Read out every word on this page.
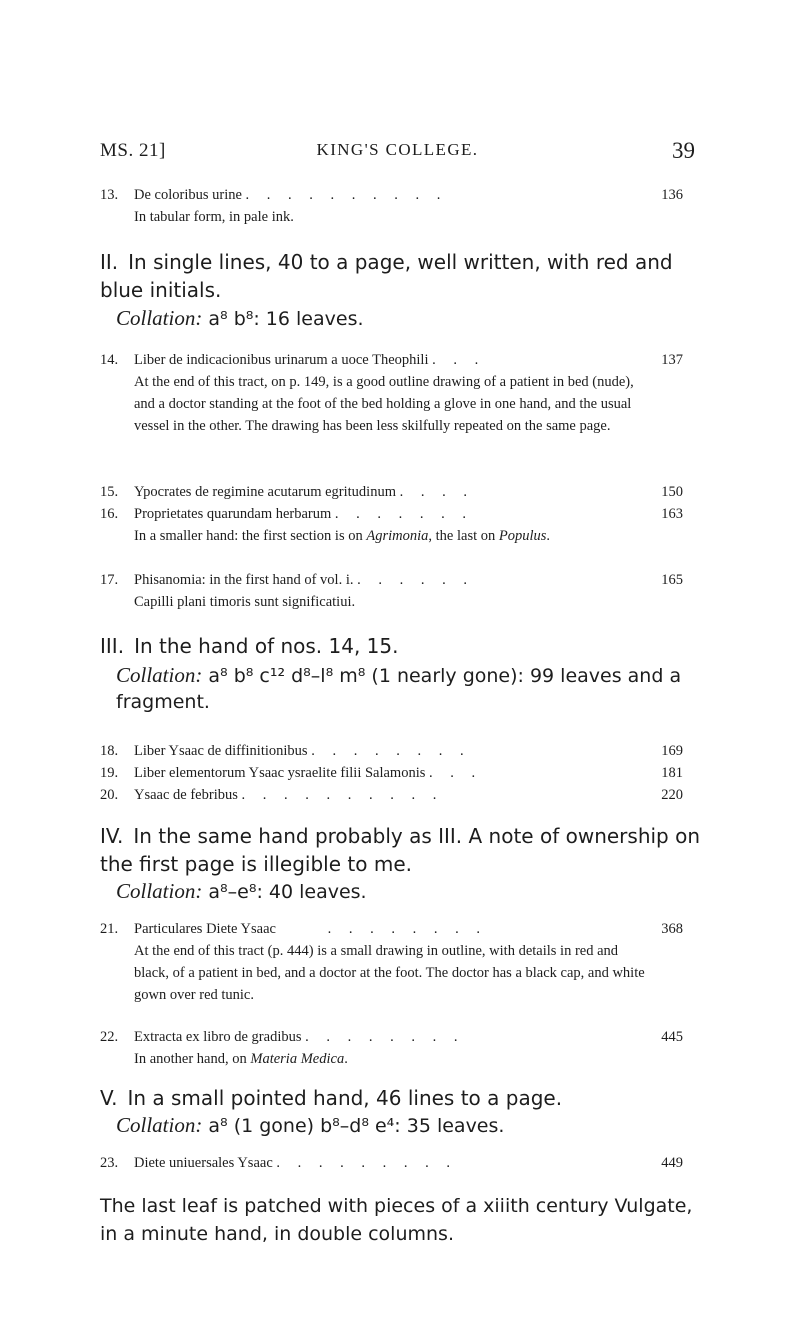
MS. 21]	KING'S COLLEGE.	39
13.	De coloribus urine . . . . . . . . . .	136
In tabular form, in pale ink.
II. In single lines, 40 to a page, well written, with red and blue initials.
Collation: a⁸ b⁸: 16 leaves.
14.	Liber de indicacionibus urinarum a uoce Theophili . . .	137
At the end of this tract, on p. 149, is a good outline drawing of a patient in bed (nude), and a doctor standing at the foot of the bed holding a glove in one hand, and the usual vessel in the other. The drawing has been less skilfully repeated on the same page.
15.	Ypocrates de regimine acutarum egritudinum . . . .	150
16.	Proprietates quarundam herbarum . . . . . . .	163
In a smaller hand: the first section is on Agrimonia, the last on Populus.
17.	Phisanomia: in the first hand of vol. i. . . . . . .	165
Capilli plani timoris sunt significatiui.
III. In the hand of nos. 14, 15.
Collation: a⁸ b⁸ c¹² d⁸–l⁸ m⁸ (1 nearly gone): 99 leaves and a fragment.
18.	Liber Ysaac de diffinitionibus . . . . . . . .	169
19.	Liber elementorum Ysaac ysraelite filii Salamonis . . .	181
20.	Ysaac de febribus . . . . . . . . . .	220
IV. In the same hand probably as III. A note of ownership on the first page is illegible to me.
Collation: a⁸–e⁸: 40 leaves.
21.	Particulares Diete Ysaac	. . . . . . . .	368
At the end of this tract (p. 444) is a small drawing in outline, with details in red and black, of a patient in bed, and a doctor at the foot. The doctor has a black cap, and white gown over red tunic.
22.	Extracta ex libro de gradibus . . . . . . . .	445
In another hand, on Materia Medica.
V. In a small pointed hand, 46 lines to a page.
Collation: a⁸ (1 gone) b⁸–d⁸ e⁴: 35 leaves.
23.	Diete uniuersales Ysaac . . . . . . . . .	449
The last leaf is patched with pieces of a xiiith century Vulgate, in a minute hand, in double columns.
